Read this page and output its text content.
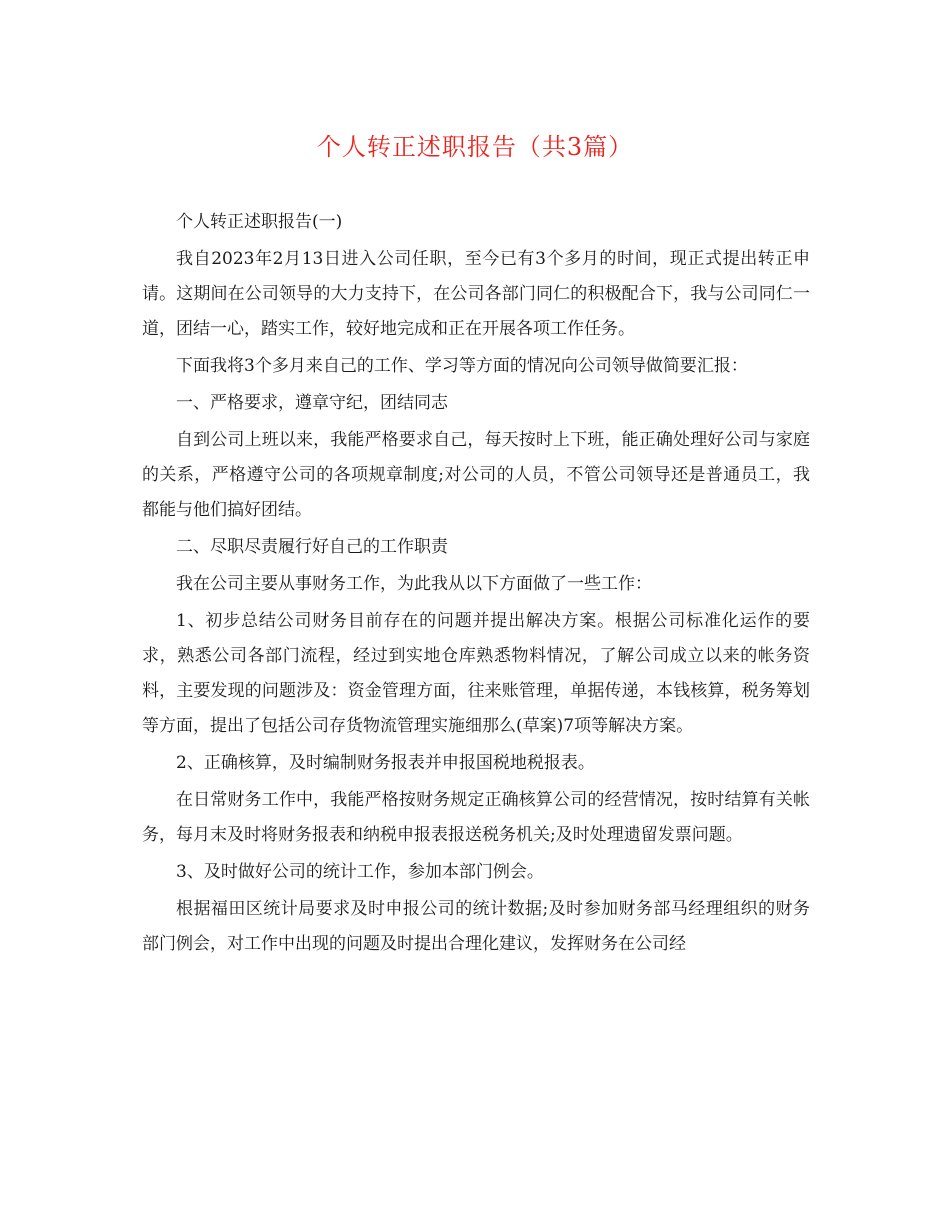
个人转正述职报告（共3篇）

个人转正述职报告(一)

我自2023年2月13日进入公司任职，至今已有3个多月的时间，现正式提出转正申请。这期间在公司领导的大力支持下，在公司各部门同仁的积极配合下，我与公司同仁一道，团结一心，踏实工作，较好地完成和正在开展各项工作任务。

下面我将3个多月来自己的工作、学习等方面的情况向公司领导做简要汇报：

一、严格要求，遵章守纪，团结同志

自到公司上班以来，我能严格要求自己，每天按时上下班，能正确处理好公司与家庭的关系，严格遵守公司的各项规章制度;对公司的人员，不管公司领导还是普通员工，我都能与他们搞好团结。

二、尽职尽责履行好自己的工作职责

我在公司主要从事财务工作，为此我从以下方面做了一些工作：

1、初步总结公司财务目前存在的问题并提出解决方案。根据公司标准化运作的要求，熟悉公司各部门流程，经过到实地仓库熟悉物料情况，了解公司成立以来的帐务资料，主要发现的问题涉及：资金管理方面，往来账管理，单据传递，本钱核算，税务筹划等方面，提出了包括公司存货物流管理实施细那么(草案)7项等解决方案。

2、正确核算，及时编制财务报表并申报国税地税报表。

在日常财务工作中，我能严格按财务规定正确核算公司的经营情况，按时结算有关帐务，每月末及时将财务报表和纳税申报表报送税务机关;及时处理遗留发票问题。

3、及时做好公司的统计工作，参加本部门例会。

根据福田区统计局要求及时申报公司的统计数据;及时参加财务部马经理组织的财务部门例会，对工作中出现的问题及时提出合理化建议，发挥财务在公司经
